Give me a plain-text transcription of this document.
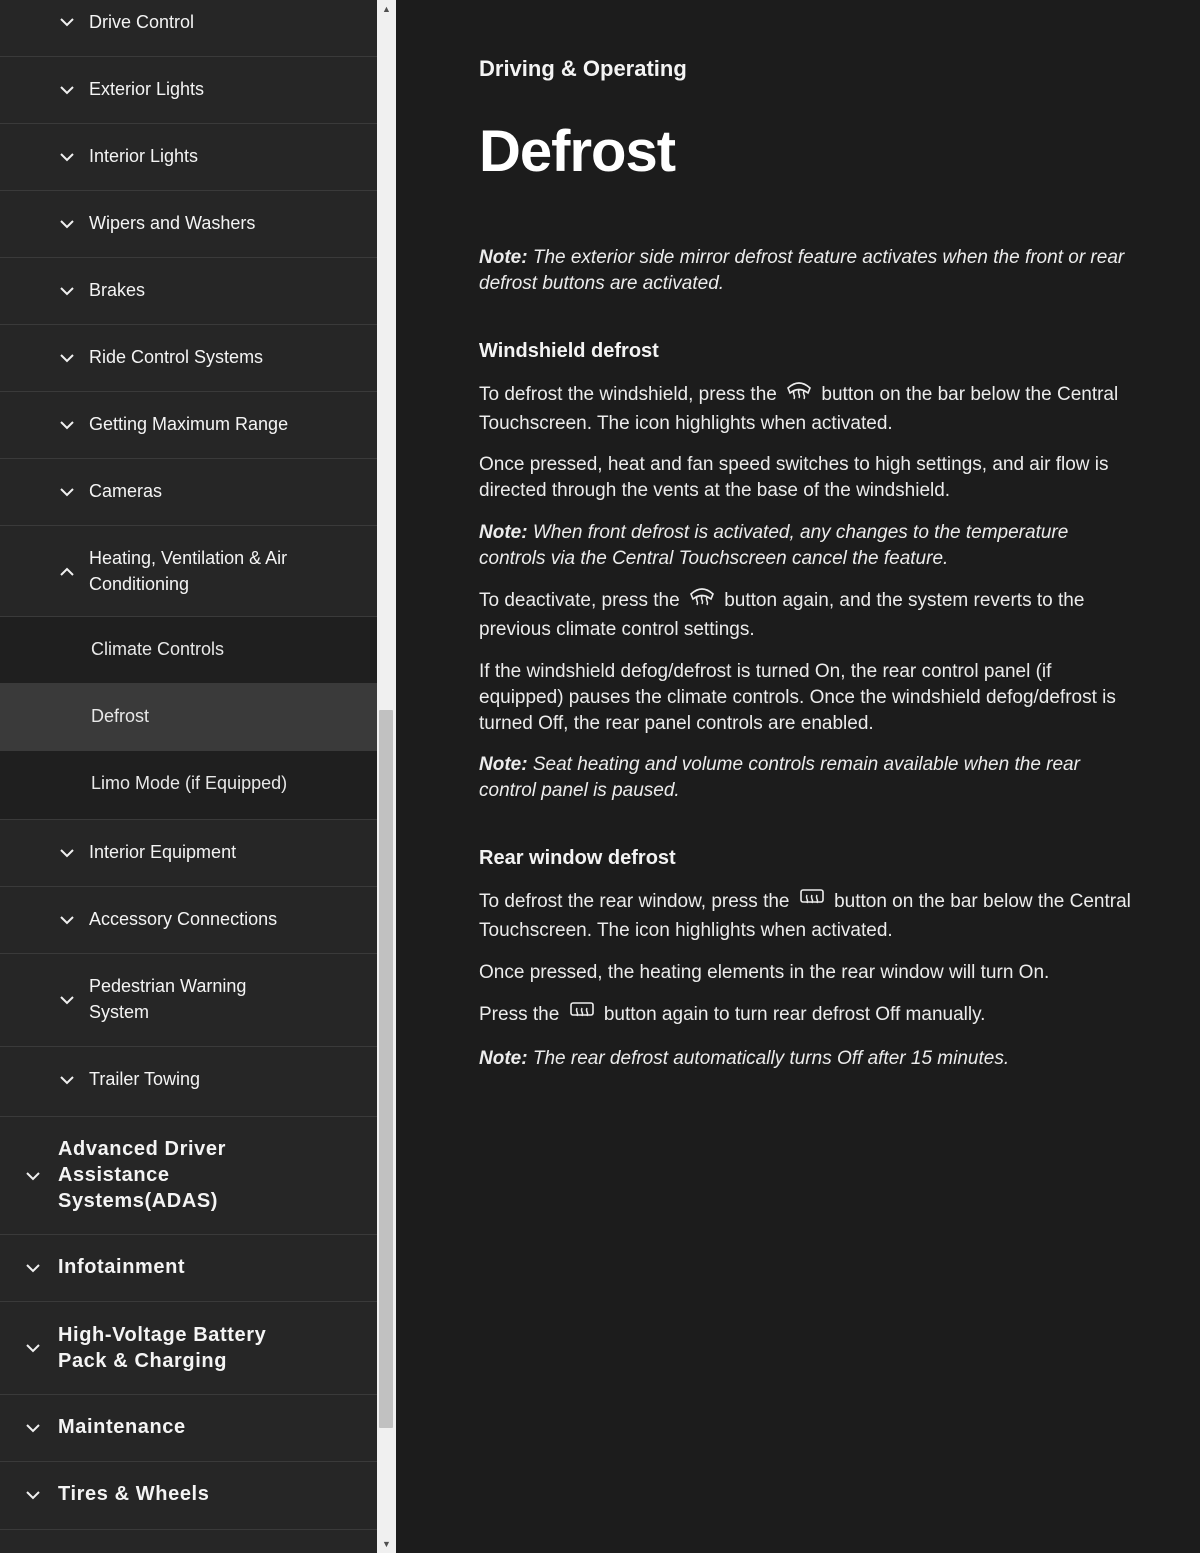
Drive Control
Exterior Lights
Interior Lights
Wipers and Washers
Brakes
Ride Control Systems
Getting Maximum Range
Cameras
Heating, Ventilation & Air Conditioning
Climate Controls
Defrost
Limo Mode (if Equipped)
Interior Equipment
Accessory Connections
Pedestrian Warning System
Trailer Towing
Advanced Driver Assistance Systems(ADAS)
Infotainment
High-Voltage Battery Pack & Charging
Maintenance
Tires & Wheels
▲
▼
Driving & Operating
Defrost
Note: The exterior side mirror defrost feature activates when the front or rear defrost buttons are activated.
Windshield defrost
To defrost the windshield, press the button on the bar below the Central Touchscreen. The icon highlights when activated.
Once pressed, heat and fan speed switches to high settings, and air flow is directed through the vents at the base of the windshield.
Note: When front defrost is activated, any changes to the temperature controls via the Central Touchscreen cancel the feature.
To deactivate, press the button again, and the system reverts to the previous climate control settings.
If the windshield defog/defrost is turned On, the rear control panel (if equipped) pauses the climate controls. Once the windshield defog/defrost is turned Off, the rear panel controls are enabled.
Note: Seat heating and volume controls remain available when the rear control panel is paused.
Rear window defrost
To defrost the rear window, press the button on the bar below the Central Touchscreen. The icon highlights when activated.
Once pressed, the heating elements in the rear window will turn On.
Press the button again to turn rear defrost Off manually.
Note: The rear defrost automatically turns Off after 15 minutes.
